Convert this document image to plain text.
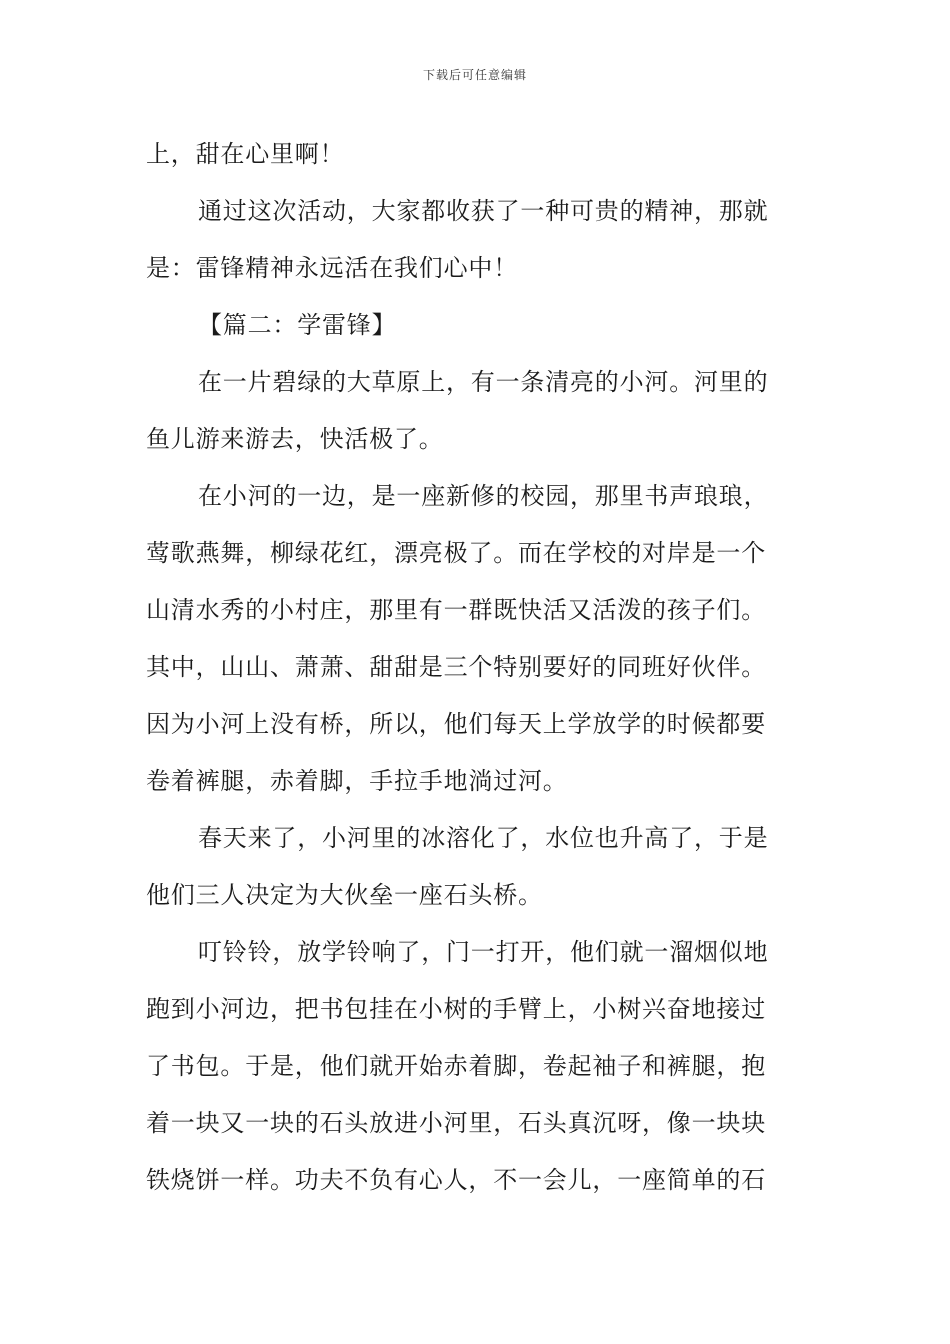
下载后可任意编辑
上，甜在心里啊！
通过这次活动，大家都收获了一种可贵的精神，那就
是：雷锋精神永远活在我们心中！
【篇二：学雷锋】
在一片碧绿的大草原上，有一条清亮的小河。河里的
鱼儿游来游去，快活极了。
在小河的一边，是一座新修的校园，那里书声琅琅，
莺歌燕舞，柳绿花红，漂亮极了。而在学校的对岸是一个
山清水秀的小村庄，那里有一群既快活又活泼的孩子们。
其中，山山、萧萧、甜甜是三个特别要好的同班好伙伴。
因为小河上没有桥，所以，他们每天上学放学的时候都要
卷着裤腿，赤着脚，手拉手地淌过河。
春天来了，小河里的冰溶化了，水位也升高了，于是
他们三人决定为大伙垒一座石头桥。
叮铃铃，放学铃响了，门一打开，他们就一溜烟似地
跑到小河边，把书包挂在小树的手臂上，小树兴奋地接过
了书包。于是，他们就开始赤着脚，卷起袖子和裤腿，抱
着一块又一块的石头放进小河里，石头真沉呀，像一块块
铁烧饼一样。功夫不负有心人，不一会儿，一座简单的石
